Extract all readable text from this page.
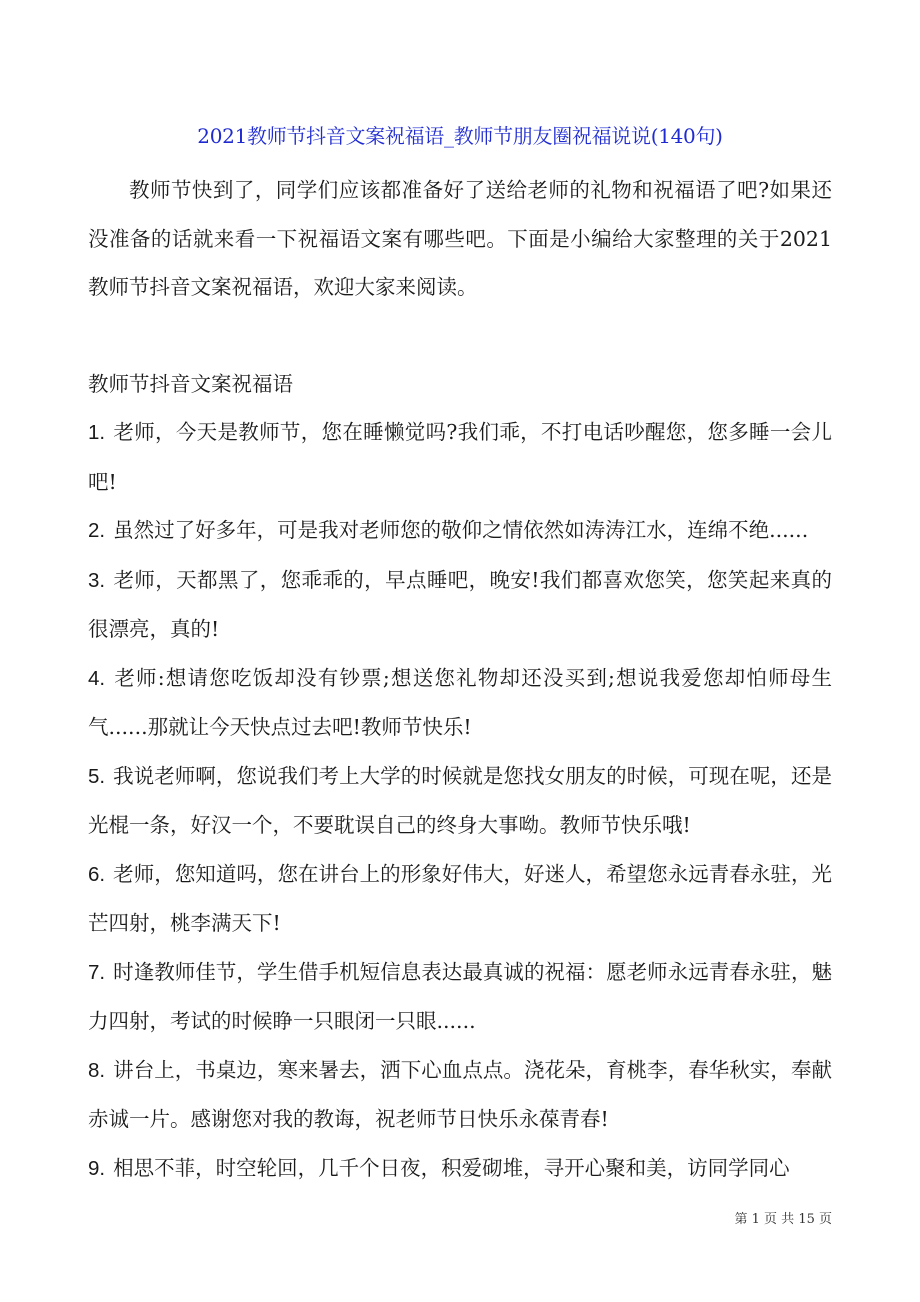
2021教师节抖音文案祝福语_教师节朋友圈祝福说说(140句)

教师节快到了，同学们应该都准备好了送给老师的礼物和祝福语了吧?如果还没准备的话就来看一下祝福语文案有哪些吧。下面是小编给大家整理的关于2021教师节抖音文案祝福语，欢迎大家来阅读。

教师节抖音文案祝福语

1. 老师，今天是教师节，您在睡懒觉吗?我们乖，不打电话吵醒您，您多睡一会儿吧!

2. 虽然过了好多年，可是我对老师您的敬仰之情依然如涛涛江水，连绵不绝......

3. 老师，天都黑了，您乖乖的，早点睡吧，晚安!我们都喜欢您笑，您笑起来真的很漂亮，真的!

4. 老师:想请您吃饭却没有钞票;想送您礼物却还没买到;想说我爱您却怕师母生气......那就让今天快点过去吧!教师节快乐!

5. 我说老师啊，您说我们考上大学的时候就是您找女朋友的时候，可现在呢，还是光棍一条，好汉一个，不要耽误自己的终身大事呦。教师节快乐哦!

6. 老师，您知道吗，您在讲台上的形象好伟大，好迷人，希望您永远青春永驻，光芒四射，桃李满天下!

7. 时逢教师佳节，学生借手机短信息表达最真诚的祝福：愿老师永远青春永驻，魅力四射，考试的时候睁一只眼闭一只眼......

8. 讲台上，书桌边，寒来暑去，洒下心血点点。浇花朵，育桃李，春华秋实，奉献赤诚一片。感谢您对我的教诲，祝老师节日快乐永葆青春!

9. 相思不菲，时空轮回，几千个日夜，积爱砌堆，寻开心聚和美，访同学同心

第 1 页 共 15 页
